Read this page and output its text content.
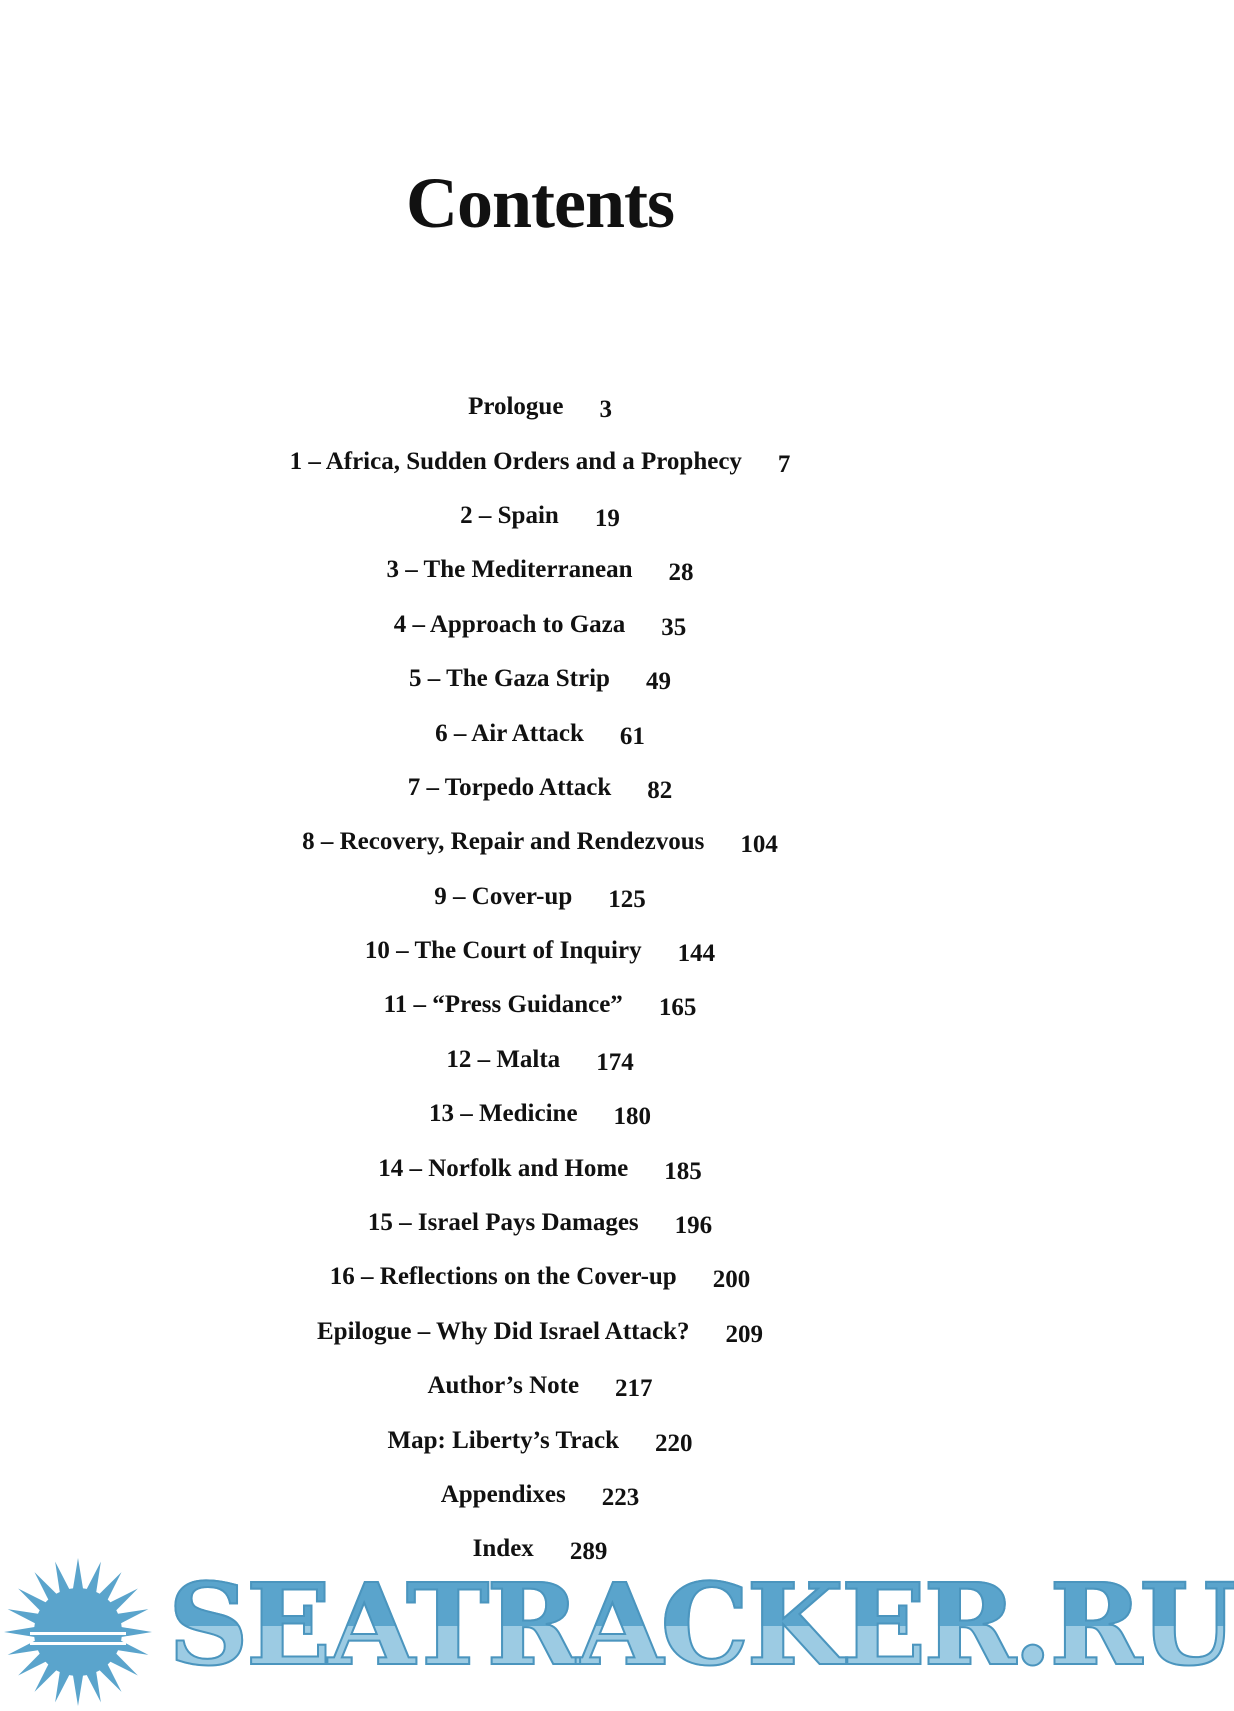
Contents
Prologue 3
1 – Africa, Sudden Orders and a Prophecy 7
2 – Spain 19
3 – The Mediterranean 28
4 – Approach to Gaza 35
5 – The Gaza Strip 49
6 – Air Attack 61
7 – Torpedo Attack 82
8 – Recovery, Repair and Rendezvous 104
9 – Cover-up 125
10 – The Court of Inquiry 144
11 – “Press Guidance” 165
12 – Malta 174
13 – Medicine 180
14 – Norfolk and Home 185
15 – Israel Pays Damages 196
16 – Reflections on the Cover-up 200
Epilogue – Why Did Israel Attack? 209
Author’s Note 217
Map: Liberty’s Track 220
Appendixes 223
Index 289
SEATRACKER.RU
